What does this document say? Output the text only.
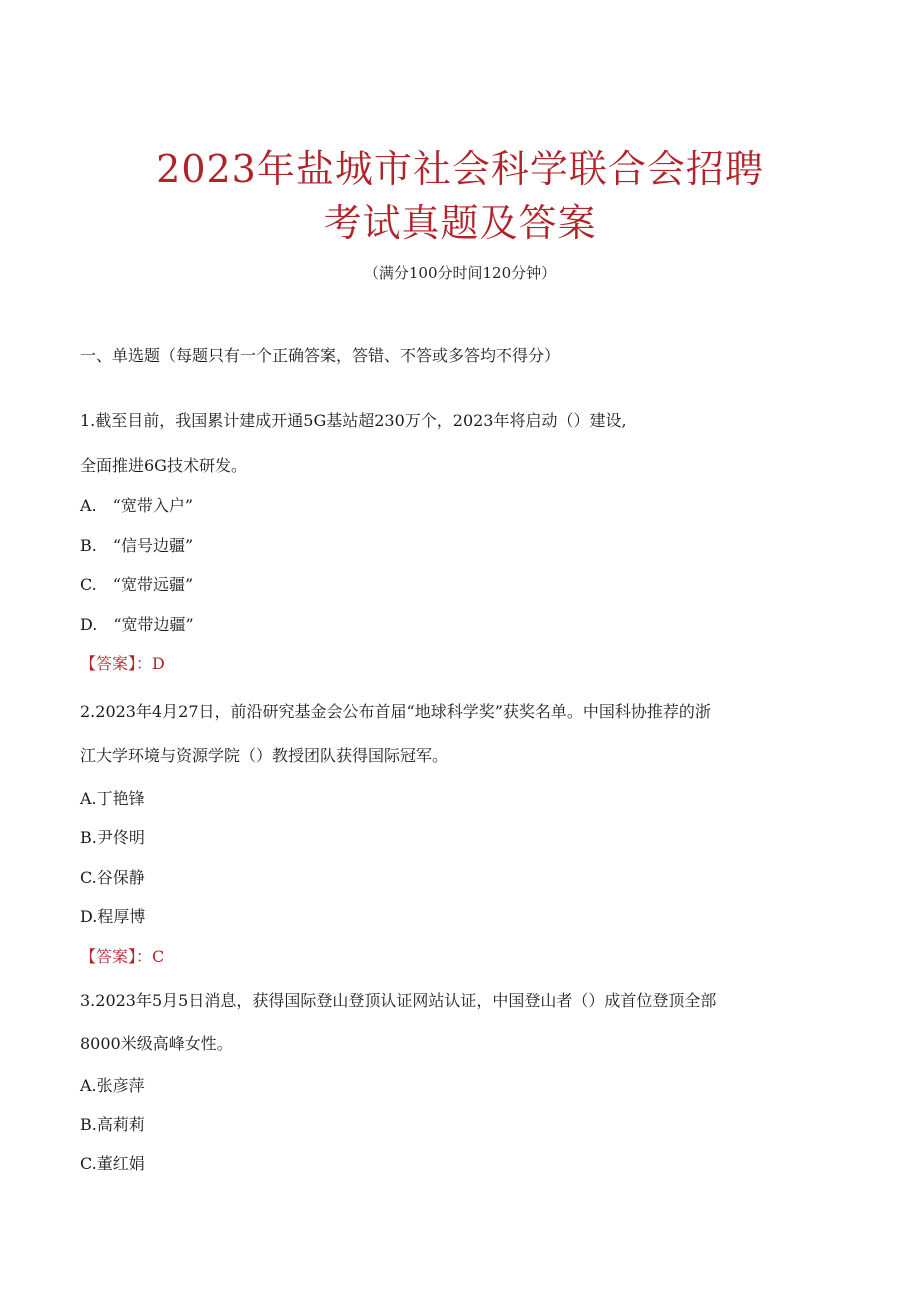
2023年盐城市社会科学联合会招聘
考试真题及答案
（满分100分时间120分钟）
一、单选题（每题只有一个正确答案，答错、不答或多答均不得分）
1.截至目前，我国累计建成开通5G基站超230万个，2023年将启动（）建设,
全面推进6G技术研发。
A.　“宽带入户”
B.　“信号边疆”
C.　“宽带远疆”
D.　“宽带边疆”
【答案】：D
2.2023年4月27日，前沿研究基金会公布首届“地球科学奖”获奖名单。中国科协推荐的浙
江大学环境与资源学院（）教授团队获得国际冠军。
A.丁艳锋
B.尹佟明
C.谷保静
D.程厚博
【答案】：C
3.2023年5月5日消息，获得国际登山登顶认证网站认证，中国登山者（）成首位登顶全部
8000米级高峰女性。
A.张彦萍
B.高莉莉
C.董红娟
